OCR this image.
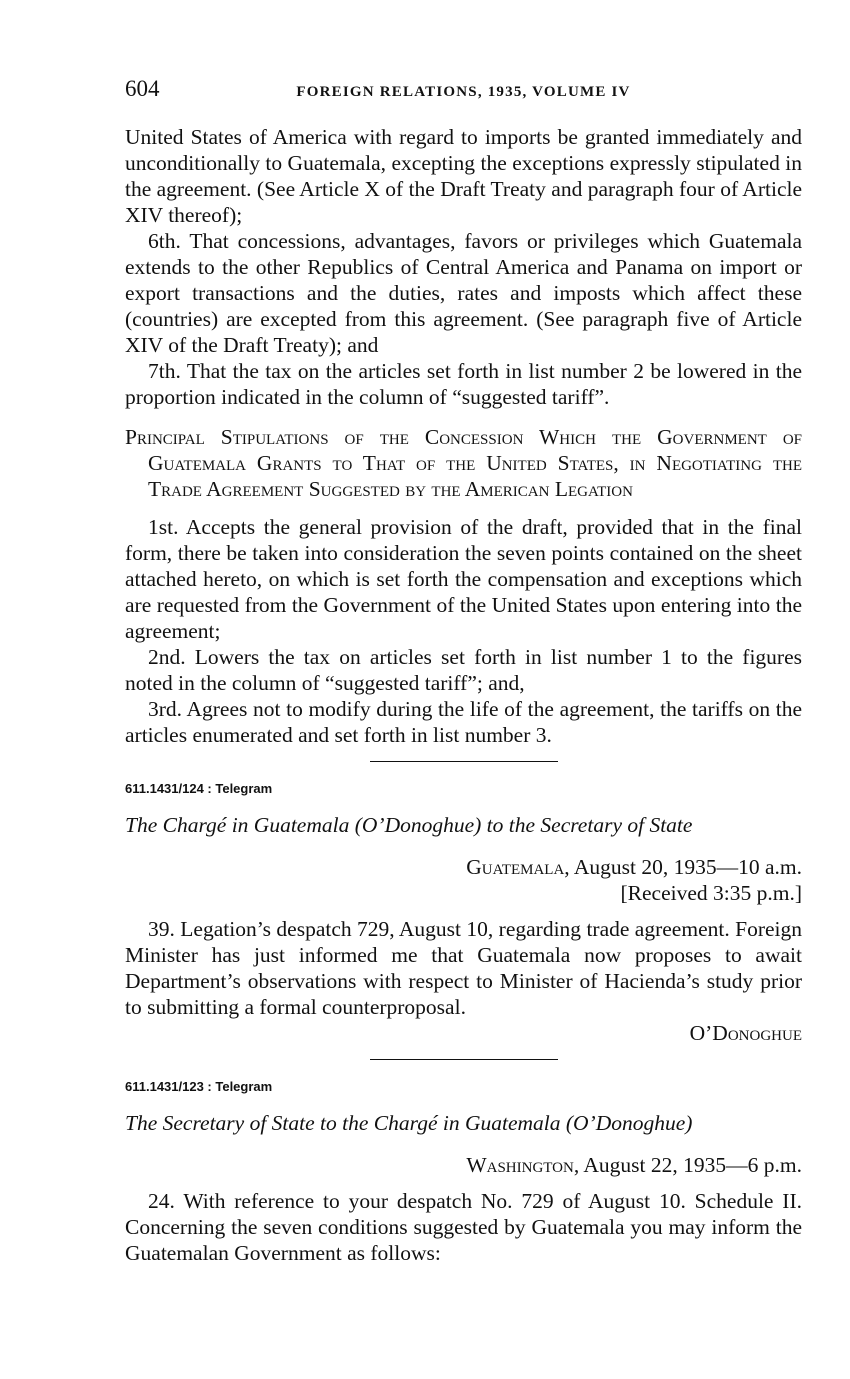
604	FOREIGN RELATIONS, 1935, VOLUME IV

United States of America with regard to imports be granted immediately and unconditionally to Guatemala, excepting the exceptions expressly stipulated in the agreement. (See Article X of the Draft Treaty and paragraph four of Article XIV thereof);

6th. That concessions, advantages, favors or privileges which Guatemala extends to the other Republics of Central America and Panama on import or export transactions and the duties, rates and imposts which affect these (countries) are excepted from this agreement. (See paragraph five of Article XIV of the Draft Treaty); and

7th. That the tax on the articles set forth in list number 2 be lowered in the proportion indicated in the column of “suggested tariff”.

Principal Stipulations of the Concession Which the Government of Guatemala Grants to That of the United States, in Negotiating the Trade Agreement Suggested by the American Legation

1st. Accepts the general provision of the draft, provided that in the final form, there be taken into consideration the seven points contained on the sheet attached hereto, on which is set forth the compensation and exceptions which are requested from the Government of the United States upon entering into the agreement;

2nd. Lowers the tax on articles set forth in list number 1 to the figures noted in the column of “suggested tariff”; and,

3rd. Agrees not to modify during the life of the agreement, the tariffs on the articles enumerated and set forth in list number 3.

611.1431/124 : Telegram

The Chargé in Guatemala (O’Donoghue) to the Secretary of State

Guatemala, August 20, 1935—10 a.m.

[Received 3:35 p.m.]

39. Legation’s despatch 729, August 10, regarding trade agreement. Foreign Minister has just informed me that Guatemala now proposes to await Department’s observations with respect to Minister of Hacienda’s study prior to submitting a formal counterproposal.

O’Donoghue

611.1431/123 : Telegram

The Secretary of State to the Chargé in Guatemala (O’Donoghue)

Washington, August 22, 1935—6 p.m.

24. With reference to your despatch No. 729 of August 10. Schedule II. Concerning the seven conditions suggested by Guatemala you may inform the Guatemalan Government as follows:
